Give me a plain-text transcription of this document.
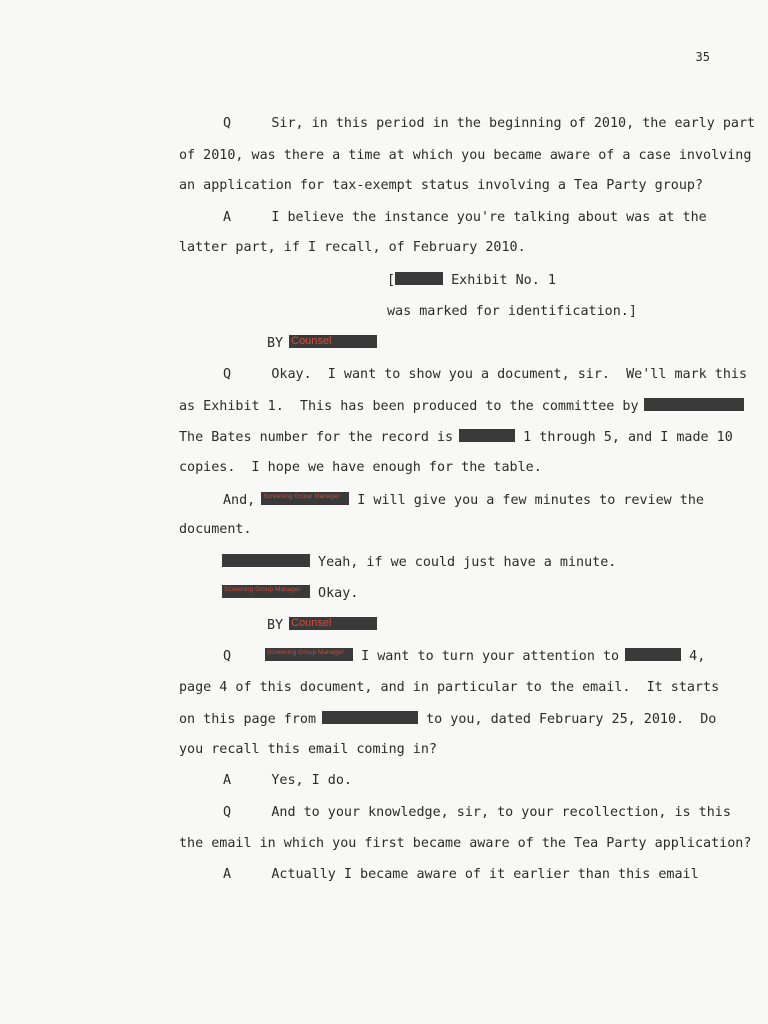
35
Q     Sir, in this period in the beginning of 2010, the early part
of 2010, was there a time at which you became aware of a case involving
an application for tax-exempt status involving a Tea Party group?
A     I believe the instance you're talking about was at the
latter part, if I recall, of February 2010.
[	Exhibit No. 1
was marked for identification.]
BY Counsel
Q     Okay.  I want to show you a document, sir.  We'll mark this
as Exhibit 1.  This has been produced to the committee by
The Bates number for the record is	1 through 5, and I made 10
copies.  I hope we have enough for the table.
And, Screening Group Manager I will give you a few minutes to review the
document.
Yeah, if we could just have a minute.
Screening Group Manager Okay.
BY Counsel
Q	Screening Group Manager I want to turn your attention to	4,
page 4 of this document, and in particular to the email.  It starts
on this page from	to you, dated February 25, 2010.  Do
you recall this email coming in?
A     Yes, I do.
Q     And to your knowledge, sir, to your recollection, is this
the email in which you first became aware of the Tea Party application?
A     Actually I became aware of it earlier than this email
